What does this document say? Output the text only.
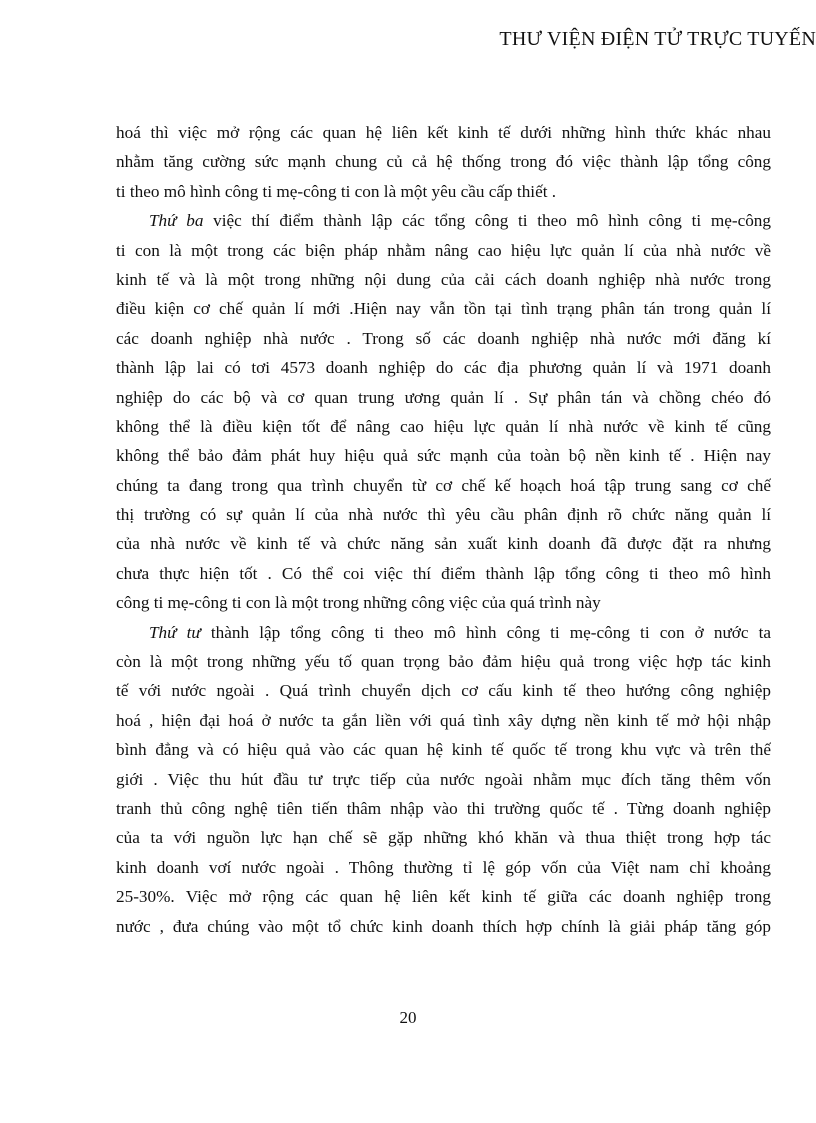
THƯ VIỆN ĐIỆN TỬ TRỰC TUYẾN
hoá thì việc mở rộng các quan hệ liên kết kinh tế dưới những hình thức khác nhau
nhằm tăng cường sức mạnh chung củ cả hệ thống trong đó việc thành lập tổng công
ti theo mô hình công ti mẹ-công ti con là một yêu cầu cấp thiết .
Thứ ba việc thí điểm thành lập các tổng công ti theo mô hình công ti mẹ-công
ti con là một trong các biện pháp nhằm nâng cao hiệu lực quản lí của nhà nước về
kinh tế và là một trong những nội dung của cải cách doanh nghiệp nhà nước trong
điều kiện cơ chế quản lí mới .Hiện nay vẫn tồn tại tình trạng phân tán trong quản lí
các doanh nghiệp nhà nước . Trong số các doanh nghiệp nhà nước mới đăng kí
thành lập lai có tơi 4573 doanh nghiệp do các địa phương quản lí và 1971 doanh
nghiệp do các bộ và cơ quan trung ương quản lí . Sự phân tán và chồng chéo đó
không thể là điều kiện tốt để nâng cao hiệu lực quản lí nhà nước về kinh tế cũng
không thể bảo đảm phát huy hiệu quả sức mạnh của toàn bộ nền kinh tế . Hiện nay
chúng ta đang trong qua trình chuyển từ cơ chế kế hoạch hoá tập trung sang cơ chế
thị trường có sự quản lí của nhà nước thì yêu cầu phân định rõ chức năng quản lí
của nhà nước về kinh tế và chức năng sản xuất kinh doanh đã được đặt ra nhưng
chưa thực hiện tốt . Có thể coi việc thí điểm thành lập tổng công ti theo mô hình
công ti mẹ-công ti con là một trong những công việc của quá trình này
Thứ tư thành lập tổng công ti theo mô hình công ti mẹ-công ti con ở nước ta
còn là một trong những yếu tố quan trọng bảo đảm hiệu quả trong việc hợp tác kinh
tế với nước ngoài . Quá trình chuyển dịch cơ cấu kinh tế theo hướng công nghiệp
hoá , hiện đại hoá ở nước ta gắn liền với quá tình xây dựng nền kinh tế mở hội nhập
bình đẳng và có hiệu quả vào các quan hệ kinh tế quốc tế trong khu vực và trên thế
giới . Việc thu hút đầu tư trực tiếp của nước ngoài nhằm mục đích tăng thêm vốn
tranh thủ công nghệ tiên tiến thâm nhập vào thi trường quốc tế . Từng doanh nghiệp
của ta với nguồn lực hạn chế sẽ gặp những khó khăn và thua thiệt trong hợp tác
kinh doanh vơí nước ngoài . Thông thường tỉ lệ góp vốn của Việt nam chỉ khoảng
25-30%. Việc mở rộng các quan hệ liên kết kinh tế giữa các doanh nghiệp trong
nước , đưa chúng vào một tổ chức kinh doanh thích hợp chính là giải pháp tăng góp
20
